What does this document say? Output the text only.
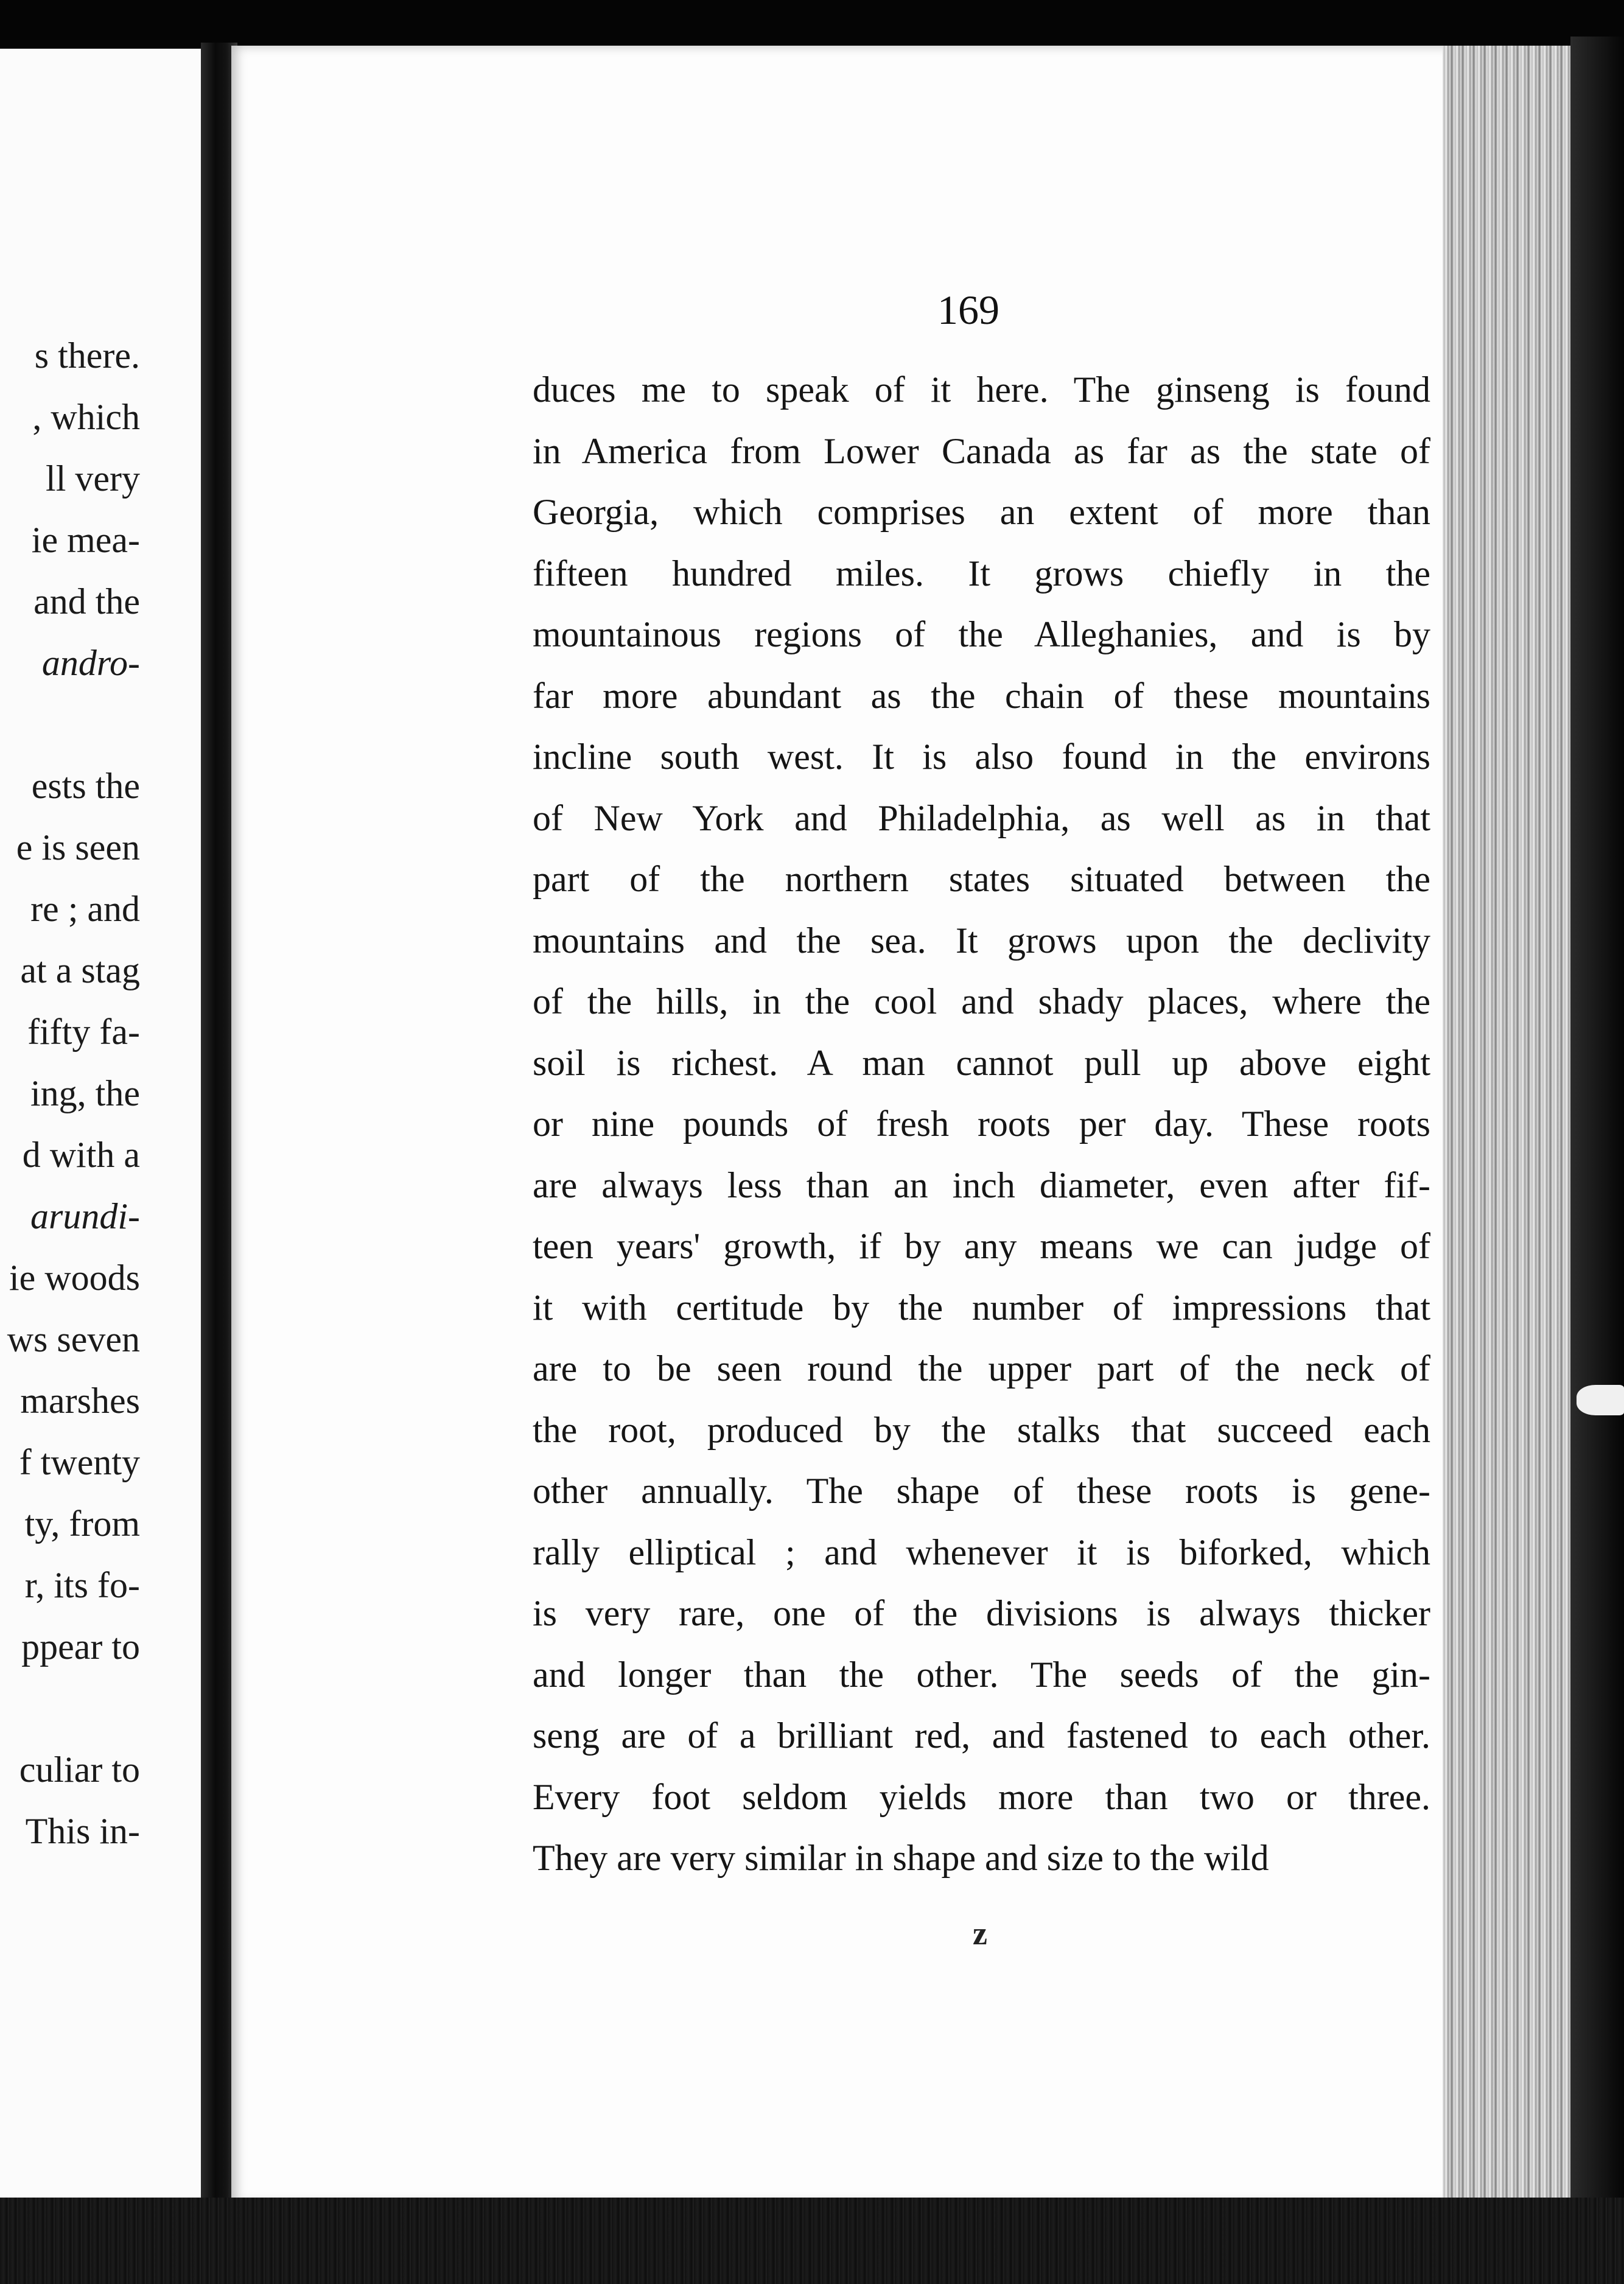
s there.
, which
ll very
ie mea-
and the
andro-
ests the
e is seen
re ; and
at a stag
fifty fa-
ing, the
d with a
arundi-
ie woods
ws seven
marshes
f twenty
ty, from
r, its fo-
ppear to
culiar to
This in-
169
duces me to speak of it here. The ginseng is found
in America from Lower Canada as far as the state of
Georgia, which comprises an extent of more than
fifteen hundred miles. It grows chiefly in the
mountainous regions of the Alleghanies, and is by
far more abundant as the chain of these mountains
incline south west. It is also found in the environs
of New York and Philadelphia, as well as in that
part of the northern states situated between the
mountains and the sea. It grows upon the declivity
of the hills, in the cool and shady places, where the
soil is richest. A man cannot pull up above eight
or nine pounds of fresh roots per day. These roots
are always less than an inch diameter, even after fif-
teen years' growth, if by any means we can judge of
it with certitude by the number of impressions that
are to be seen round the upper part of the neck of
the root, produced by the stalks that succeed each
other annually. The shape of these roots is gene-
rally elliptical ; and whenever it is biforked, which
is very rare, one of the divisions is always thicker
and longer than the other. The seeds of the gin-
seng are of a brilliant red, and fastened to each other.
Every foot seldom yields more than two or three.
They are very similar in shape and size to the wild
z
